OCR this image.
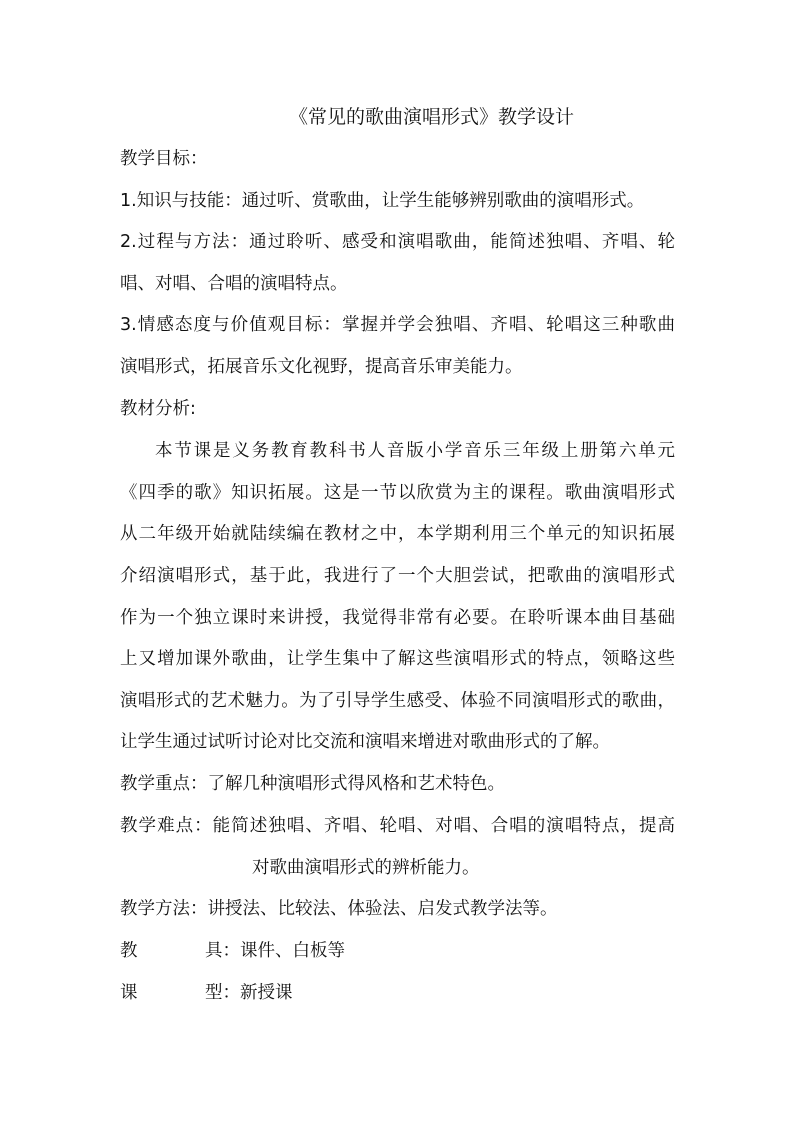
《常见的歌曲演唱形式》教学设计
教学目标：
1.知识与技能：通过听、赏歌曲，让学生能够辨别歌曲的演唱形式。
2.过程与方法：通过聆听、感受和演唱歌曲，能简述独唱、齐唱、轮
唱、对唱、合唱的演唱特点。
3.情感态度与价值观目标：掌握并学会独唱、齐唱、轮唱这三种歌曲
演唱形式，拓展音乐文化视野，提高音乐审美能力。
教材分析:
本节课是义务教育教科书人音版小学音乐三年级上册第六单元
《四季的歌》知识拓展。这是一节以欣赏为主的课程。歌曲演唱形式
从二年级开始就陆续编在教材之中，本学期利用三个单元的知识拓展
介绍演唱形式，基于此，我进行了一个大胆尝试，把歌曲的演唱形式
作为一个独立课时来讲授，我觉得非常有必要。在聆听课本曲目基础
上又增加课外歌曲，让学生集中了解这些演唱形式的特点，领略这些
演唱形式的艺术魅力。为了引导学生感受、体验不同演唱形式的歌曲，
让学生通过试听讨论对比交流和演唱来增进对歌曲形式的了解。
教学重点：了解几种演唱形式得风格和艺术特色。
教学难点：能简述独唱、齐唱、轮唱、对唱、合唱的演唱特点，提高
对歌曲演唱形式的辨析能力。
教学方法：讲授法、比较法、体验法、启发式教学法等。
教	具：课件、白板等
课	型：新授课
